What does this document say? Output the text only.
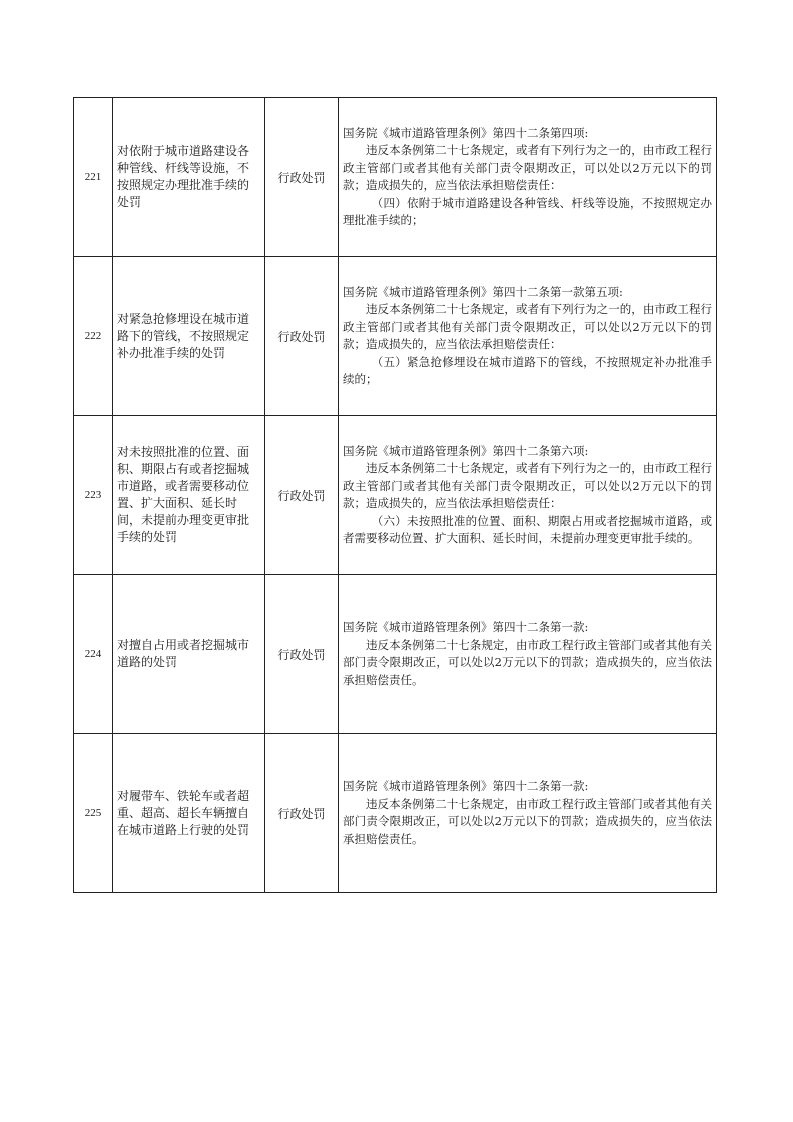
221	对依附于城市道路建设各种管线、杆线等设施，不按照规定办理批准手续的处罚	行政处罚	国务院《城市道路管理条例》第四十二条第四项:

违反本条例第二十七条规定，或者有下列行为之一的，由市政工程行政主管部门或者其他有关部门责令限期改正，可以处以2万元以下的罚款；造成损失的，应当依法承担赔偿责任：

（四）依附于城市道路建设各种管线、杆线等设施，不按照规定办理批准手续的；

222	对紧急抢修埋设在城市道路下的管线，不按照规定补办批准手续的处罚	行政处罚	国务院《城市道路管理条例》第四十二条第一款第五项:

违反本条例第二十七条规定，或者有下列行为之一的，由市政工程行政主管部门或者其他有关部门责令限期改正，可以处以2万元以下的罚款；造成损失的，应当依法承担赔偿责任：

（五）紧急抢修埋设在城市道路下的管线，不按照规定补办批准手续的；

223	对未按照批准的位置、面积、期限占有或者挖掘城市道路，或者需要移动位置、扩大面积、延长时间，未提前办理变更审批手续的处罚	行政处罚	国务院《城市道路管理条例》第四十二条第六项:

违反本条例第二十七条规定，或者有下列行为之一的，由市政工程行政主管部门或者其他有关部门责令限期改正，可以处以2万元以下的罚款；造成损失的，应当依法承担赔偿责任：

（六）未按照批准的位置、面积、期限占用或者挖掘城市道路，或者需要移动位置、扩大面积、延长时间，未提前办理变更审批手续的。

224	对擅自占用或者挖掘城市道路的处罚	行政处罚	国务院《城市道路管理条例》第四十二条第一款:

违反本条例第二十七条规定，由市政工程行政主管部门或者其他有关部门责令限期改正，可以处以2万元以下的罚款；造成损失的，应当依法承担赔偿责任。

225	对履带车、铁轮车或者超重、超高、超长车辆擅自在城市道路上行驶的处罚	行政处罚	国务院《城市道路管理条例》第四十二条第一款:

违反本条例第二十七条规定，由市政工程行政主管部门或者其他有关部门责令限期改正，可以处以2万元以下的罚款；造成损失的，应当依法承担赔偿责任。
